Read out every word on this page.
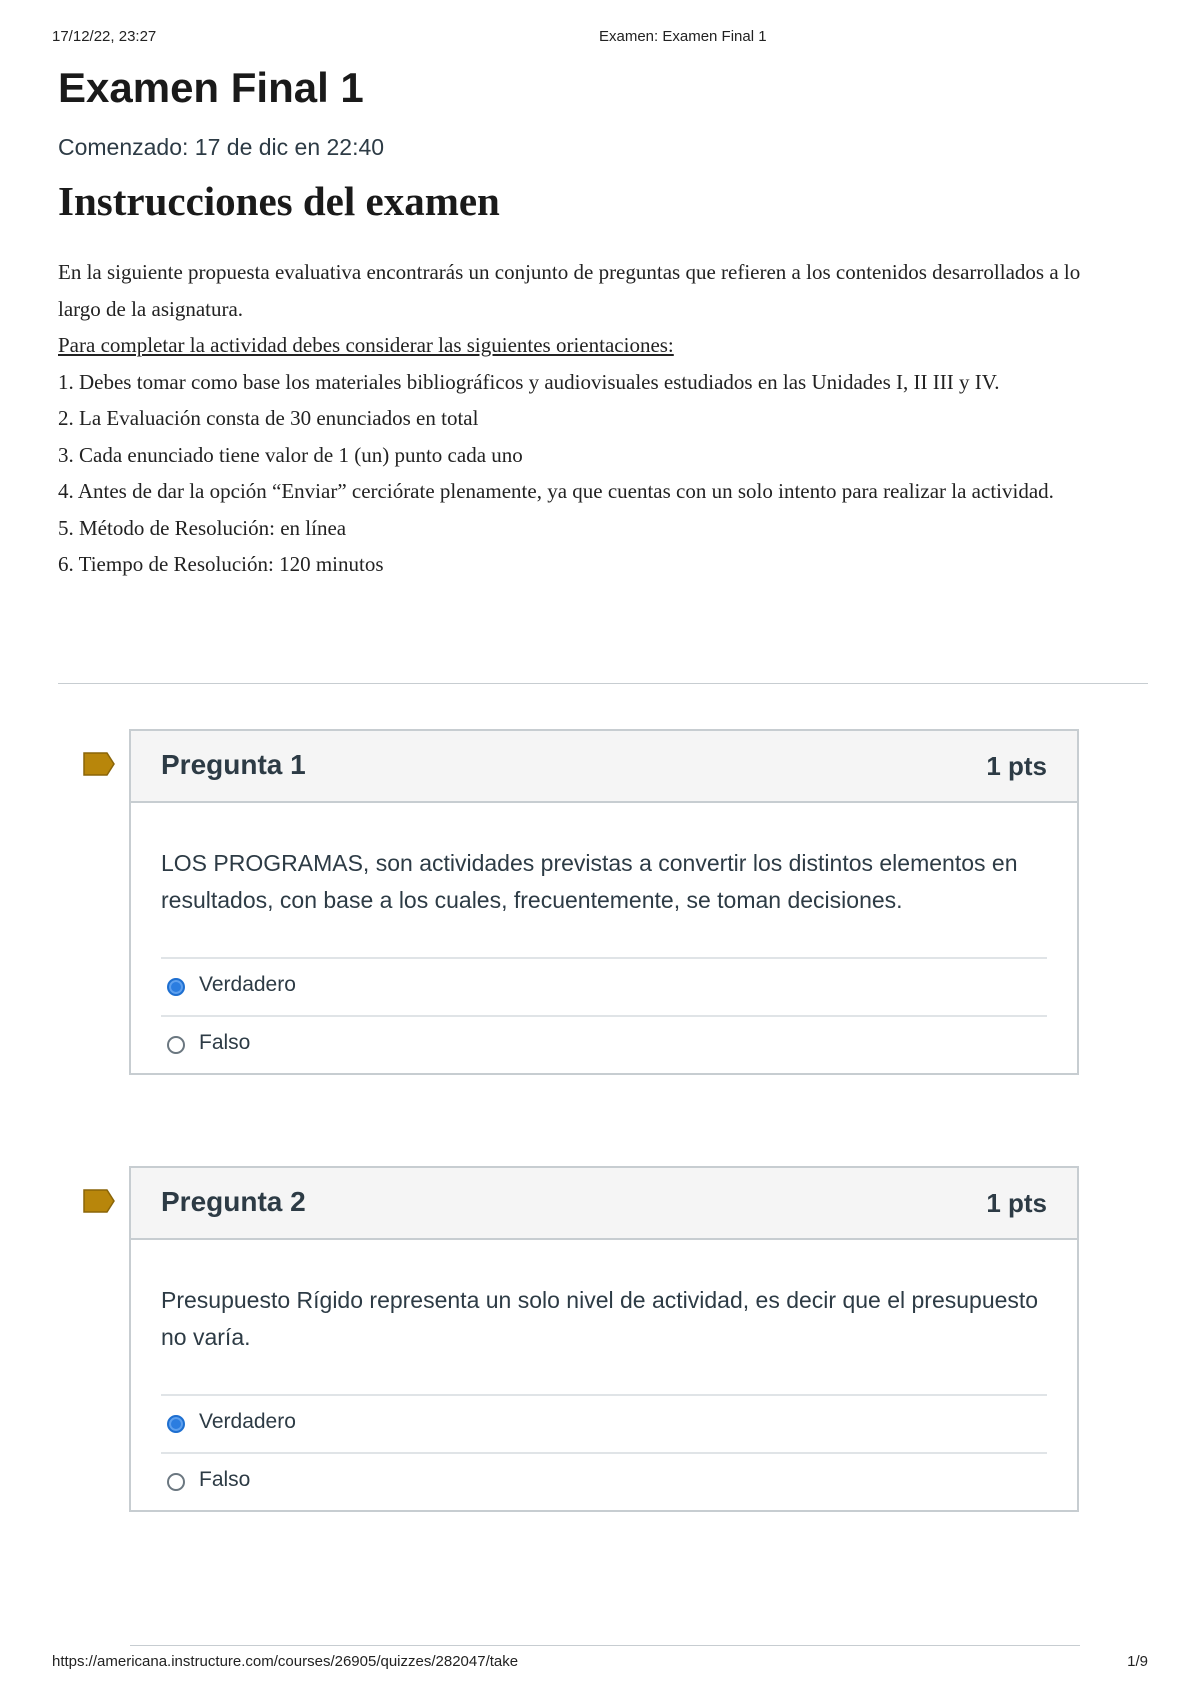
17/12/22, 23:27	Examen: Examen Final 1
Examen Final 1
Comenzado: 17 de dic en 22:40
Instrucciones del examen

En la siguiente propuesta evaluativa encontrarás un conjunto de preguntas que refieren a los contenidos desarrollados a lo largo de la asignatura.

Para completar la actividad debes considerar las siguientes orientaciones:

1. Debes tomar como base los materiales bibliográficos y audiovisuales estudiados en las Unidades I, II III y IV.

2. La Evaluación consta de 30 enunciados en total

3. Cada enunciado tiene valor de 1 (un) punto cada uno

4. Antes de dar la opción “Enviar” cerciórate plenamente, ya que cuentas con un solo intento para realizar la actividad.

5. Método de Resolución: en línea

6. Tiempo de Resolución: 120 minutos

Pregunta 1	1 pts
LOS PROGRAMAS, son actividades previstas a convertir los distintos elementos en resultados, con base a los cuales, frecuentemente, se toman decisiones.
Verdadero
Falso
Pregunta 2	1 pts
Presupuesto Rígido representa un solo nivel de actividad, es decir que el presupuesto no varía.
Verdadero
Falso
https://americana.instructure.com/courses/26905/quizzes/282047/take	1/9
